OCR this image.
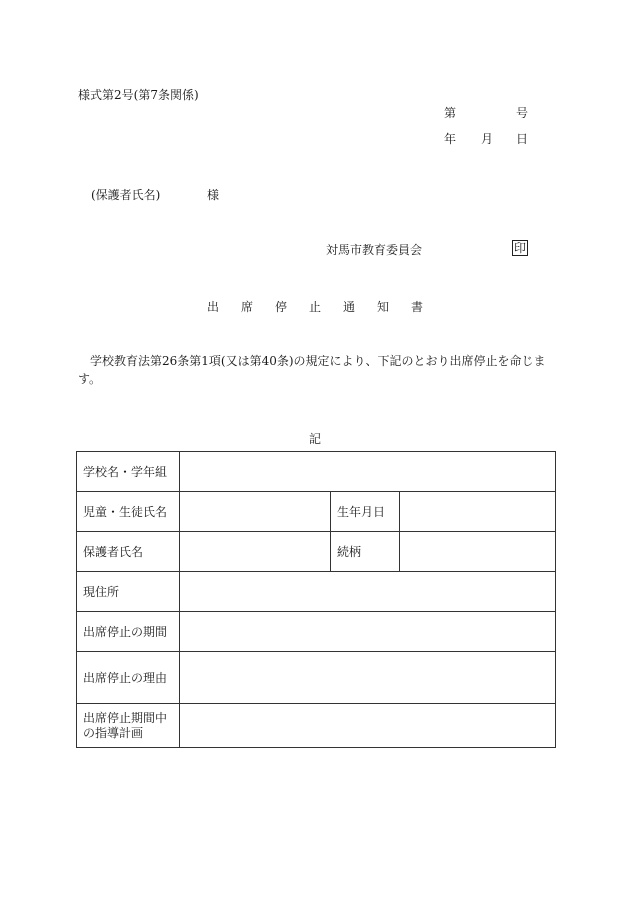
様式第2号(第7条関係)
第	号
年 月 日
(保護者氏名)	様
対馬市教育委員会	印
出 席 停 止 通 知 書
学校教育法第26条第1項(又は第40条)の規定により、下記のとおり出席停止を命じます。
記
学校名・学年組			
児童・生徒氏名		生年月日	
保護者氏名		続柄	
現住所			
出席停止の期間			
出席停止の理由			

出席停止期間中
の指導計画			
